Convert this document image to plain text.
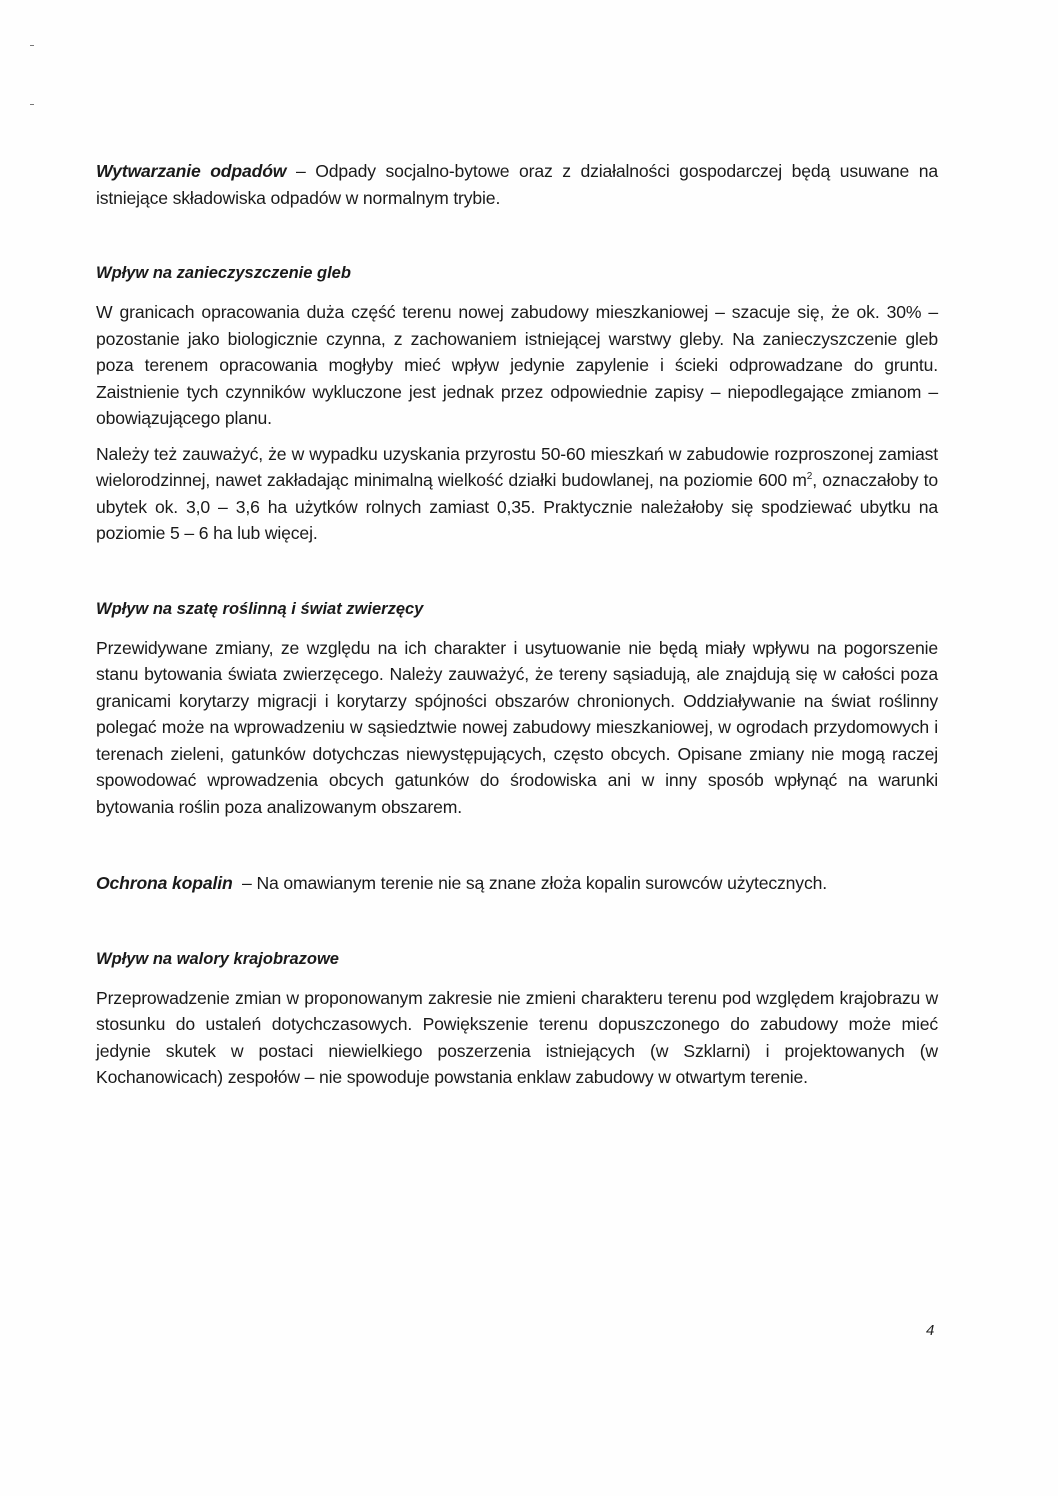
Wytwarzanie odpadów – Odpady socjalno-bytowe oraz z działalności gospodarczej będą usuwane na istniejące składowiska odpadów w normalnym trybie.

Wpływ na zanieczyszczenie gleb

W granicach opracowania duża część terenu nowej zabudowy mieszkaniowej – szacuje się, że ok. 30% – pozostanie jako biologicznie czynna, z zachowaniem istniejącej warstwy gleby. Na zanieczyszczenie gleb poza terenem opracowania mogłyby mieć wpływ jedynie zapylenie i ścieki odprowadzane do gruntu. Zaistnienie tych czynników wykluczone jest jednak przez odpowiednie zapisy – niepodlegające zmianom – obowiązującego planu.

Należy też zauważyć, że w wypadku uzyskania przyrostu 50-60 mieszkań w zabudowie rozproszonej zamiast wielorodzinnej, nawet zakładając minimalną wielkość działki budowlanej, na poziomie 600 $m^2$, oznaczałoby to ubytek ok. 3,0 – 3,6 ha użytków rolnych zamiast 0,35. Praktycznie należałoby się spodziewać ubytku na poziomie 5 – 6 ha lub więcej.

Wpływ na szatę roślinną i świat zwierzęcy

Przewidywane zmiany, ze względu na ich charakter i usytuowanie nie będą miały wpływu na pogorszenie stanu bytowania świata zwierzęcego. Należy zauważyć, że tereny sąsiadują, ale znajdują się w całości poza granicami korytarzy migracji i korytarzy spójności obszarów chronionych. Oddziaływanie na świat roślinny polegać może na wprowadzeniu w sąsiedztwie nowej zabudowy mieszkaniowej, w ogrodach przydomowych i terenach zieleni, gatunków dotychczas niewystępujących, często obcych. Opisane zmiany nie mogą raczej spowodować wprowadzenia obcych gatunków do środowiska ani w inny sposób wpłynąć na warunki bytowania roślin poza analizowanym obszarem.

Ochrona kopalin  – Na omawianym terenie nie są znane złoża kopalin surowców użytecznych.

Wpływ na walory krajobrazowe

Przeprowadzenie zmian w proponowanym zakresie nie zmieni charakteru terenu pod względem krajobrazu w stosunku do ustaleń dotychczasowych. Powiększenie terenu dopuszczonego do zabudowy może mieć jedynie skutek w postaci niewielkiego poszerzenia istniejących (w Szklarni) i projektowanych (w Kochanowicach) zespołów – nie spowoduje powstania enklaw zabudowy w otwartym terenie.

4
